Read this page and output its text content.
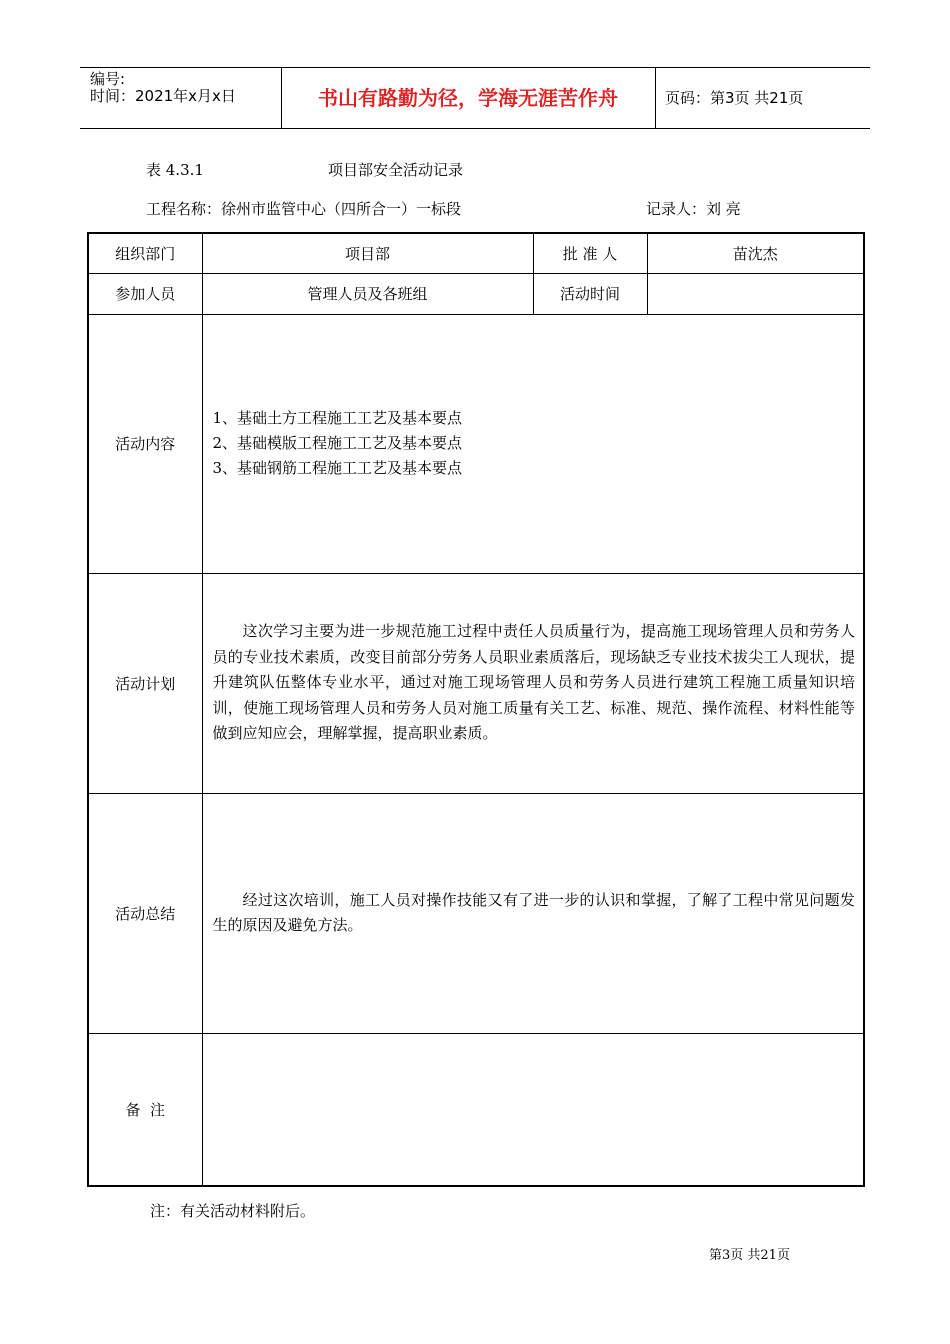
编号:
时间：2021年x月x日	书山有路勤为径，学海无涯苦作舟	页码：第3页 共21页
表 4.3.1	项目部安全活动记录
工程名称：徐州市监管中心（四所合一）一标段	记录人：刘 亮
组织部门	项目部	批 准 人	苗沈杰
参加人员	管理人员及各班组	活动时间	
活动内容	1、基础土方工程施工工艺及基本要点
2、基础模版工程施工工艺及基本要点
3、基础钢筋工程施工工艺及基本要点		

活动计划	这次学习主要为进一步规范施工过程中责任人员质量行为，提高施工现场管理人员和劳务人员的专业技术素质，改变目前部分劳务人员职业素质落后，现场缺乏专业技术拔尖工人现状，提升建筑队伍整体专业水平，通过对施工现场管理人员和劳务人员进行建筑工程施工质量知识培训，使施工现场管理人员和劳务人员对施工质量有关工艺、标准、规范、操作流程、材料性能等做到应知应会，理解掌握，提高职业素质。		

活动总结	经过这次培训，施工人员对操作技能又有了进一步的认识和掌握，了解了工程中常见问题发生的原因及避免方法。		

备  注			
注：有关活动材料附后。
第3页 共21页
